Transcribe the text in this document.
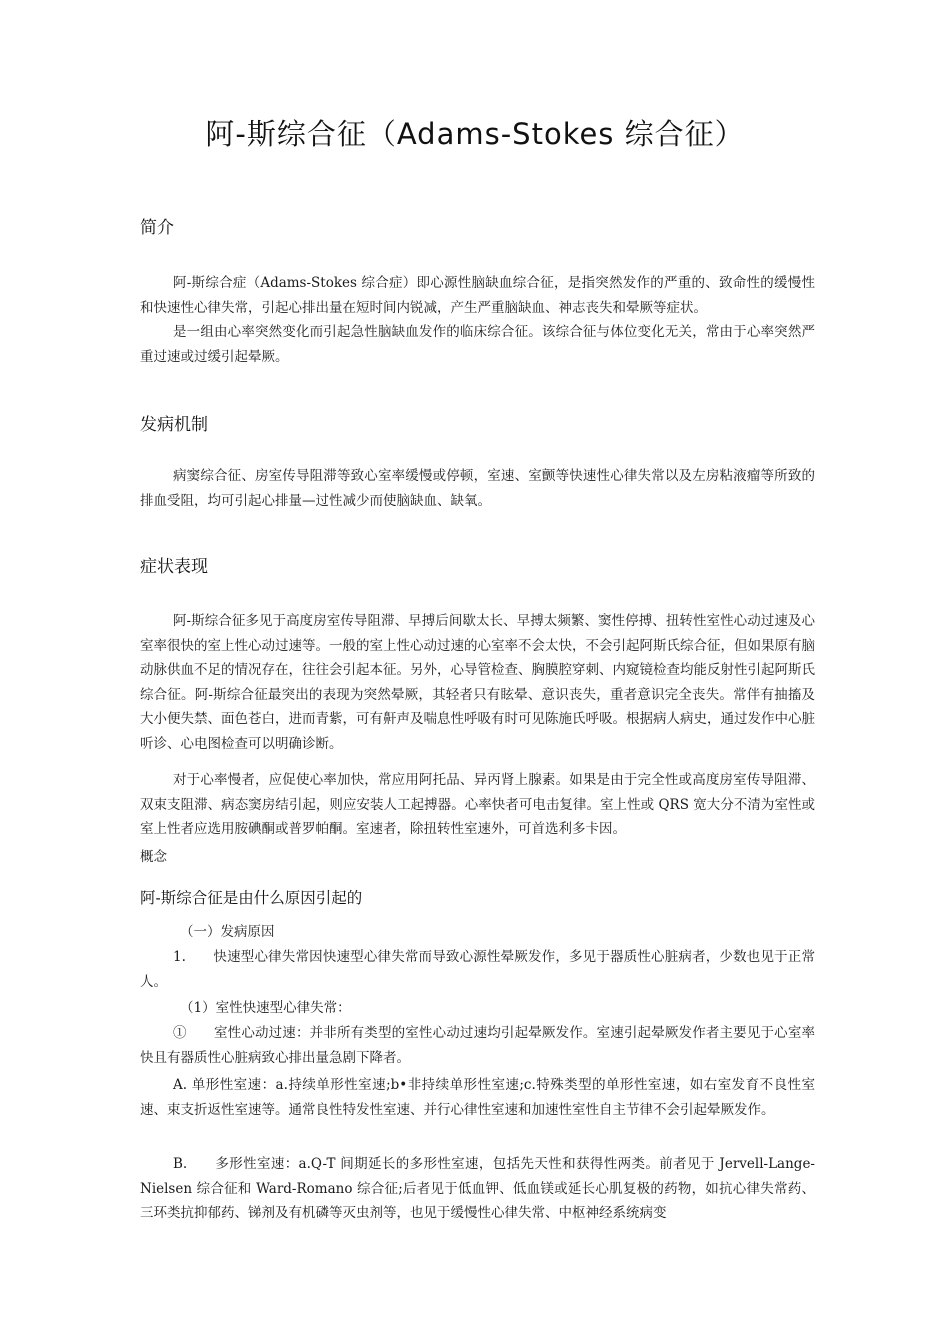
阿-斯综合征（Adams-Stokes 综合征）
简介
阿-斯综合症（Adams-Stokes 综合症）即心源性脑缺血综合征，是指突然发作的严重的、致命性的缓慢性和快速性心律失常，引起心排出量在短时间内锐减，产生严重脑缺血、神志丧失和晕厥等症状。
是一组由心率突然变化而引起急性脑缺血发作的临床综合征。该综合征与体位变化无关，常由于心率突然严重过速或过缓引起晕厥。
发病机制
病窦综合征、房室传导阻滞等致心室率缓慢或停顿，室速、室颤等快速性心律失常以及左房粘液瘤等所致的排血受阻，均可引起心排量—过性减少而使脑缺血、缺氧。
症状表现
阿-斯综合征多见于高度房室传导阻滞、早搏后间歇太长、早搏太频繁、窦性停搏、扭转性室性心动过速及心室率很快的室上性心动过速等。一般的室上性心动过速的心室率不会太快，不会引起阿斯氏综合征，但如果原有脑动脉供血不足的情况存在，往往会引起本征。另外，心导管检查、胸膜腔穿刺、内窥镜检查均能反射性引起阿斯氏综合征。阿-斯综合征最突出的表现为突然晕厥，其轻者只有眩晕、意识丧失，重者意识完全丧失。常伴有抽搐及大小便失禁、面色苍白，进而青紫，可有鼾声及喘息性呼吸有时可见陈施氏呼吸。根据病人病史，通过发作中心脏听诊、心电图检查可以明确诊断。
对于心率慢者，应促使心率加快，常应用阿托品、异丙肾上腺素。如果是由于完全性或高度房室传导阻滞、双束支阻滞、病态窦房结引起，则应安装人工起搏器。心率快者可电击复律。室上性或 QRS 宽大分不清为室性或室上性者应选用胺碘酮或普罗帕酮。室速者，除扭转性室速外，可首选利多卡因。
概念
阿-斯综合征是由什么原因引起的
（一）发病原因
1.　　快速型心律失常因快速型心律失常而导致心源性晕厥发作，多见于器质性心脏病者，少数也见于正常人。
（1）室性快速型心律失常：
①　　室性心动过速：并非所有类型的室性心动过速均引起晕厥发作。室速引起晕厥发作者主要见于心室率快且有器质性心脏病致心排出量急剧下降者。
A. 单形性室速：a.持续单形性室速;b•非持续单形性室速;c.特殊类型的单形性室速，如右室发育不良性室速、束支折返性室速等。通常良性特发性室速、并行心律性室速和加速性室性自主节律不会引起晕厥发作。
B.　　多形性室速：a.Q-T 间期延长的多形性室速，包括先天性和获得性两类。前者见于 Jervell-Lange-Nielsen 综合征和 Ward-Romano 综合征;后者见于低血钾、低血镁或延长心肌复极的药物，如抗心律失常药、三环类抗抑郁药、锑剂及有机磷等灭虫剂等，也见于缓慢性心律失常、中枢神经系统病变
